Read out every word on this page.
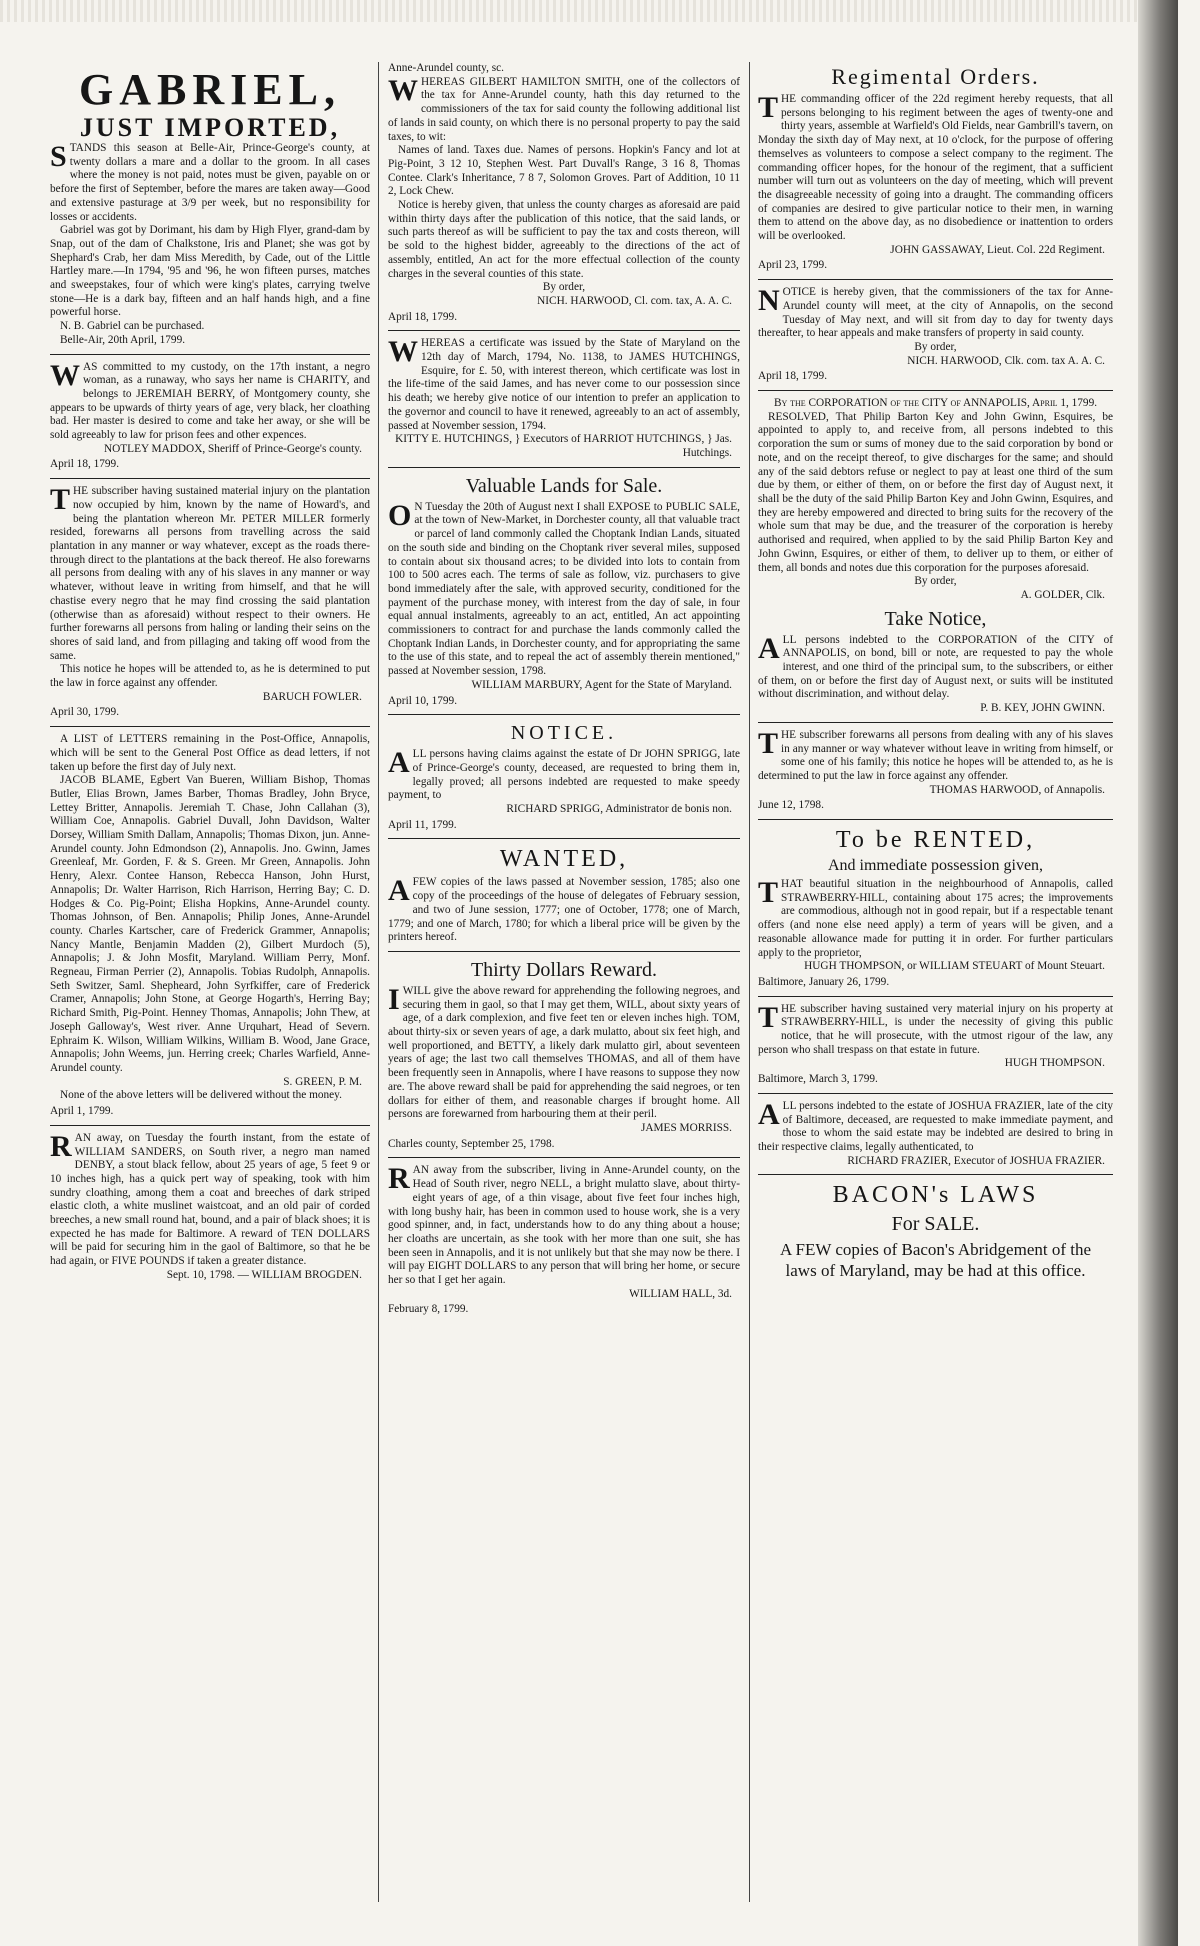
GABRIEL,
JUST IMPORTED,

STANDS this season at Belle-Air, Prince-George's county, at twenty dollars a mare and a dollar to the groom. In all cases where the money is not paid, notes must be given, payable on or before the first of September, before the mares are taken away—Good and extensive pasturage at 3/9 per week, but no responsibility for losses or accidents.

Gabriel was got by Dorimant, his dam by High Flyer, grand-dam by Snap, out of the dam of Chalkstone, Iris and Planet; she was got by Shephard's Crab, her dam Miss Meredith, by Cade, out of the Little Hartley mare.—In 1794, '95 and '96, he won fifteen purses, matches and sweepstakes, four of which were king's plates, carrying twelve stone—He is a dark bay, fifteen and an half hands high, and a fine powerful horse.

N. B. Gabriel can be purchased.

Belle-Air, 20th April, 1799.

WAS committed to my custody, on the 17th instant, a negro woman, as a runaway, who says her name is CHARITY, and belongs to JEREMIAH BERRY, of Montgomery county, she appears to be upwards of thirty years of age, very black, her cloathing bad. Her master is desired to come and take her away, or she will be sold agreeably to law for prison fees and other expences.

NOTLEY MADDOX, Sheriff of Prince-George's county.
April 18, 1799.

THE subscriber having sustained material injury on the plantation now occupied by him, known by the name of Howard's, and being the plantation whereon Mr. PETER MILLER formerly resided, forewarns all persons from travelling across the said plantation in any manner or way whatever, except as the roads there-through direct to the plantations at the back thereof. He also forewarns all persons from dealing with any of his slaves in any manner or way whatever, without leave in writing from himself, and that he will chastise every negro that he may find crossing the said plantation (otherwise than as aforesaid) without respect to their owners. He further forewarns all persons from haling or landing their seins on the shores of said land, and from pillaging and taking off wood from the same.

This notice he hopes will be attended to, as he is determined to put the law in force against any offender.

BARUCH FOWLER.
April 30, 1799.

A LIST of LETTERS remaining in the Post-Office, Annapolis, which will be sent to the General Post Office as dead letters, if not taken up before the first day of July next.

JACOB BLAME, Egbert Van Bueren, William Bishop, Thomas Butler, Elias Brown, James Barber, Thomas Bradley, John Bryce, Lettey Britter, Annapolis. Jeremiah T. Chase, John Callahan (3), William Coe, Annapolis. Gabriel Duvall, John Davidson, Walter Dorsey, William Smith Dallam, Annapolis; Thomas Dixon, jun. Anne-Arundel county. John Edmondson (2), Annapolis. Jno. Gwinn, James Greenleaf, Mr. Gorden, F. & S. Green. Mr Green, Annapolis. John Henry, Alexr. Contee Hanson, Rebecca Hanson, John Hurst, Annapolis; Dr. Walter Harrison, Rich Harrison, Herring Bay; C. D. Hodges & Co. Pig-Point; Elisha Hopkins, Anne-Arundel county. Thomas Johnson, of Ben. Annapolis; Philip Jones, Anne-Arundel county. Charles Kartscher, care of Frederick Grammer, Annapolis; Nancy Mantle, Benjamin Madden (2), Gilbert Murdoch (5), Annapolis; J. & John Mosfit, Maryland. William Perry, Monf. Regneau, Firman Perrier (2), Annapolis. Tobias Rudolph, Annapolis. Seth Switzer, Saml. Shepheard, John Syrfkiffer, care of Frederick Cramer, Annapolis; John Stone, at George Hogarth's, Herring Bay; Richard Smith, Pig-Point. Henney Thomas, Annapolis; John Thew, at Joseph Galloway's, West river. Anne Urquhart, Head of Severn. Ephraim K. Wilson, William Wilkins, William B. Wood, Jane Grace, Annapolis; John Weems, jun. Herring creek; Charles Warfield, Anne-Arundel county.

S. GREEN, P. M.

None of the above letters will be delivered without the money.

April 1, 1799.

RAN away, on Tuesday the fourth instant, from the estate of WILLIAM SANDERS, on South river, a negro man named DENBY, a stout black fellow, about 25 years of age, 5 feet 9 or 10 inches high, has a quick pert way of speaking, took with him sundry cloathing, among them a coat and breeches of dark striped elastic cloth, a white muslinet waistcoat, and an old pair of corded breeches, a new small round hat, bound, and a pair of black shoes; it is expected he has made for Baltimore. A reward of TEN DOLLARS will be paid for securing him in the gaol of Baltimore, so that he be had again, or FIVE POUNDS if taken a greater distance.

Sept. 10, 1798. — WILLIAM BROGDEN.

Anne-Arundel county, sc.

WHEREAS GILBERT HAMILTON SMITH, one of the collectors of the tax for Anne-Arundel county, hath this day returned to the commissioners of the tax for said county the following additional list of lands in said county, on which there is no personal property to pay the said taxes, to wit:

Names of land. Taxes due. Names of persons. Hopkin's Fancy and lot at Pig-Point, 3 12 10, Stephen West. Part Duvall's Range, 3 16 8, Thomas Contee. Clark's Inheritance, 7 8 7, Solomon Groves. Part of Addition, 10 11 2, Lock Chew.

Notice is hereby given, that unless the county charges as aforesaid are paid within thirty days after the publication of this notice, that the said lands, or such parts thereof as will be sufficient to pay the tax and costs thereon, will be sold to the highest bidder, agreeably to the directions of the act of assembly, entitled, An act for the more effectual collection of the county charges in the several counties of this state.

By order,
NICH. HARWOOD, Cl. com. tax, A. A. C.
April 18, 1799.

WHEREAS a certificate was issued by the State of Maryland on the 12th day of March, 1794, No. 1138, to JAMES HUTCHINGS, Esquire, for £. 50, with interest thereon, which certificate was lost in the life-time of the said James, and has never come to our possession since his death; we hereby give notice of our intention to prefer an application to the governor and council to have it renewed, agreeably to an act of assembly, passed at November session, 1794.

KITTY E. HUTCHINGS, } Executors of HARRIOT HUTCHINGS, } Jas. Hutchings.
Valuable Lands for Sale.

O N Tuesday the 20th of August next I shall EXPOSE to PUBLIC SALE, at the town of New-Market, in Dorchester county, all that valuable tract or parcel of land commonly called the Choptank Indian Lands, situated on the south side and binding on the Choptank river several miles, supposed to contain about six thousand acres; to be divided into lots to contain from 100 to 500 acres each. The terms of sale as follow, viz. purchasers to give bond immediately after the sale, with approved security, conditioned for the payment of the purchase money, with interest from the day of sale, in four equal annual instalments, agreeably to an act, entitled, An act appointing commissioners to contract for and purchase the lands commonly called the Choptank Indian Lands, in Dorchester county, and for appropriating the same to the use of this state, and to repeal the act of assembly therein mentioned," passed at November session, 1798.

WILLIAM MARBURY, Agent for the State of Maryland.
April 10, 1799.
NOTICE.

ALL persons having claims against the estate of Dr JOHN SPRIGG, late of Prince-George's county, deceased, are requested to bring them in, legally proved; all persons indebted are requested to make speedy payment, to

RICHARD SPRIGG, Administrator de bonis non.
April 11, 1799.
WANTED,

AFEW copies of the laws passed at November session, 1785; also one copy of the proceedings of the house of delegates of February session, and two of June session, 1777; one of October, 1778; one of March, 1779; and one of March, 1780; for which a liberal price will be given by the printers hereof.

Thirty Dollars Reward.

IWILL give the above reward for apprehending the following negroes, and securing them in gaol, so that I may get them, WILL, about sixty years of age, of a dark complexion, and five feet ten or eleven inches high. TOM, about thirty-six or seven years of age, a dark mulatto, about six feet high, and well proportioned, and BETTY, a likely dark mulatto girl, about seventeen years of age; the last two call themselves THOMAS, and all of them have been frequently seen in Annapolis, where I have reasons to suppose they now are. The above reward shall be paid for apprehending the said negroes, or ten dollars for either of them, and reasonable charges if brought home. All persons are forewarned from harbouring them at their peril.

JAMES MORRISS.
Charles county, September 25, 1798.

RAN away from the subscriber, living in Anne-Arundel county, on the Head of South river, negro NELL, a bright mulatto slave, about thirty-eight years of age, of a thin visage, about five feet four inches high, with long bushy hair, has been in common used to house work, she is a very good spinner, and, in fact, understands how to do any thing about a house; her cloaths are uncertain, as she took with her more than one suit, she has been seen in Annapolis, and it is not unlikely but that she may now be there. I will pay EIGHT DOLLARS to any person that will bring her home, or secure her so that I get her again.

WILLIAM HALL, 3d.
February 8, 1799.
Regimental Orders.

THE commanding officer of the 22d regiment hereby requests, that all persons belonging to his regiment between the ages of twenty-one and thirty years, assemble at Warfield's Old Fields, near Gambrill's tavern, on Monday the sixth day of May next, at 10 o'clock, for the purpose of offering themselves as volunteers to compose a select company to the regiment. The commanding officer hopes, for the honour of the regiment, that a sufficient number will turn out as volunteers on the day of meeting, which will prevent the disagreeable necessity of going into a draught. The commanding officers of companies are desired to give particular notice to their men, in warning them to attend on the above day, as no disobedience or inattention to orders will be overlooked.

JOHN GASSAWAY, Lieut. Col. 22d Regiment.
April 23, 1799.

NOTICE is hereby given, that the commissioners of the tax for Anne-Arundel county will meet, at the city of Annapolis, on the second Tuesday of May next, and will sit from day to day for twenty days thereafter, to hear appeals and make transfers of property in said county.

By order,
NICH. HARWOOD, Clk. com. tax A. A. C.
April 18, 1799.

By the CORPORATION of the CITY of ANNAPOLIS, April 1, 1799.

RESOLVED, That Philip Barton Key and John Gwinn, Esquires, be appointed to apply to, and receive from, all persons indebted to this corporation the sum or sums of money due to the said corporation by bond or note, and on the receipt thereof, to give discharges for the same; and should any of the said debtors refuse or neglect to pay at least one third of the sum due by them, or either of them, on or before the first day of August next, it shall be the duty of the said Philip Barton Key and John Gwinn, Esquires, and they are hereby empowered and directed to bring suits for the recovery of the whole sum that may be due, and the treasurer of the corporation is hereby authorised and required, when applied to by the said Philip Barton Key and John Gwinn, Esquires, or either of them, to deliver up to them, or either of them, all bonds and notes due this corporation for the purposes aforesaid.

By order,
A. GOLDER, Clk.
Take Notice,

ALL persons indebted to the CORPORATION of the CITY of ANNAPOLIS, on bond, bill or note, are requested to pay the whole interest, and one third of the principal sum, to the subscribers, or either of them, on or before the first day of August next, or suits will be instituted without discrimination, and without delay.

P. B. KEY, JOHN GWINN.

THE subscriber forewarns all persons from dealing with any of his slaves in any manner or way whatever without leave in writing from himself, or some one of his family; this notice he hopes will be attended to, as he is determined to put the law in force against any offender.

THOMAS HARWOOD, of Annapolis.
June 12, 1798.
To be RENTED,
And immediate possession given,

THAT beautiful situation in the neighbourhood of Annapolis, called STRAWBERRY-HILL, containing about 175 acres; the improvements are commodious, although not in good repair, but if a respectable tenant offers (and none else need apply) a term of years will be given, and a reasonable allowance made for putting it in order. For further particulars apply to the proprietor,

HUGH THOMPSON, or WILLIAM STEUART of Mount Steuart.
Baltimore, January 26, 1799.

THE subscriber having sustained very material injury on his property at STRAWBERRY-HILL, is under the necessity of giving this public notice, that he will prosecute, with the utmost rigour of the law, any person who shall trespass on that estate in future.

HUGH THOMPSON.
Baltimore, March 3, 1799.

ALL persons indebted to the estate of JOSHUA FRAZIER, late of the city of Baltimore, deceased, are requested to make immediate payment, and those to whom the said estate may be indebted are desired to bring in their respective claims, legally authenticated, to

RICHARD FRAZIER, Executor of JOSHUA FRAZIER.
BACON's LAWS
For SALE.
A FEW copies of Bacon's Abridgement of the laws of Maryland, may be had at this office.
